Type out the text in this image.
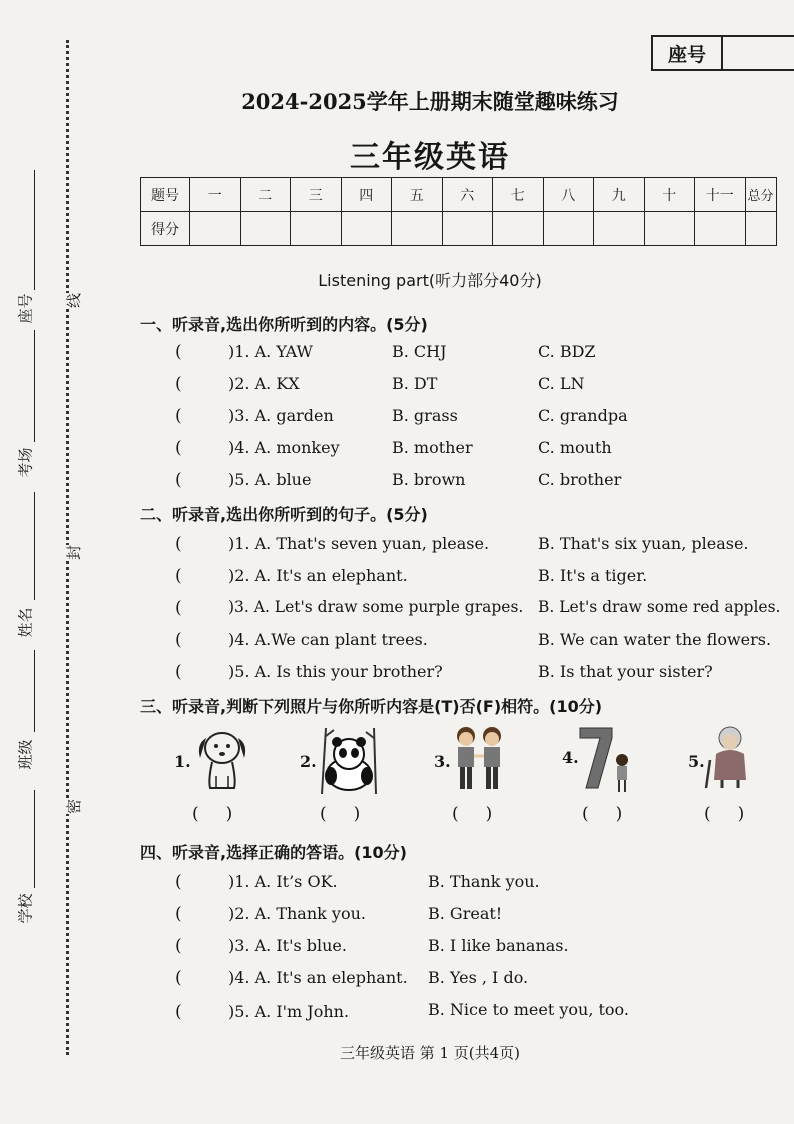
座号
考场
姓名
班级
学校
线
封
密
座号
2024-2025学年上册期末随堂趣味练习
三年级英语
题号	一	二	三	四	五	六	七	八	九	十	十一	总分
得分												
Listening part(听力部分40分)
一、听录音,选出你所听到的内容。(5分)
(	)1. A. YAW	B. CHJ	C. BDZ
(	)2. A. KX	B. DT	C. LN
(	)3. A. garden	B. grass	C. grandpa
(	)4. A. monkey	B. mother	C. mouth
(	)5. A. blue	B. brown	C. brother
二、听录音,选出你所听到的句子。(5分)
(	)1. A. That's seven yuan, please.	B. That's six yuan, please.
(	)2. A. It's an elephant.	B. It's a tiger.
(	)3. A. Let's draw some purple grapes. B. Let's draw some red apples.
(	)4. A.We can plant trees.	B. We can water the flowers.
(	)5. A. Is this your brother?	B. Is that your sister?
三、听录音,判断下列照片与你所听内容是(T)否(F)相符。(10分)
1.
(     )
2.
(     )
3.
(     )
4.
(     )
5.
(     )
四、听录音,选择正确的答语。(10分)
(	)1. A. It’s OK.	B. Thank you.
(	)2. A. Thank you.	B. Great!
(	)3. A. It's blue.	B. I like bananas.
(	)4. A. It's an elephant. B. Yes , I do.
(	)5. A. I'm John.	B. Nice to meet you, too.
三年级英语 第 1 页(共4页)
